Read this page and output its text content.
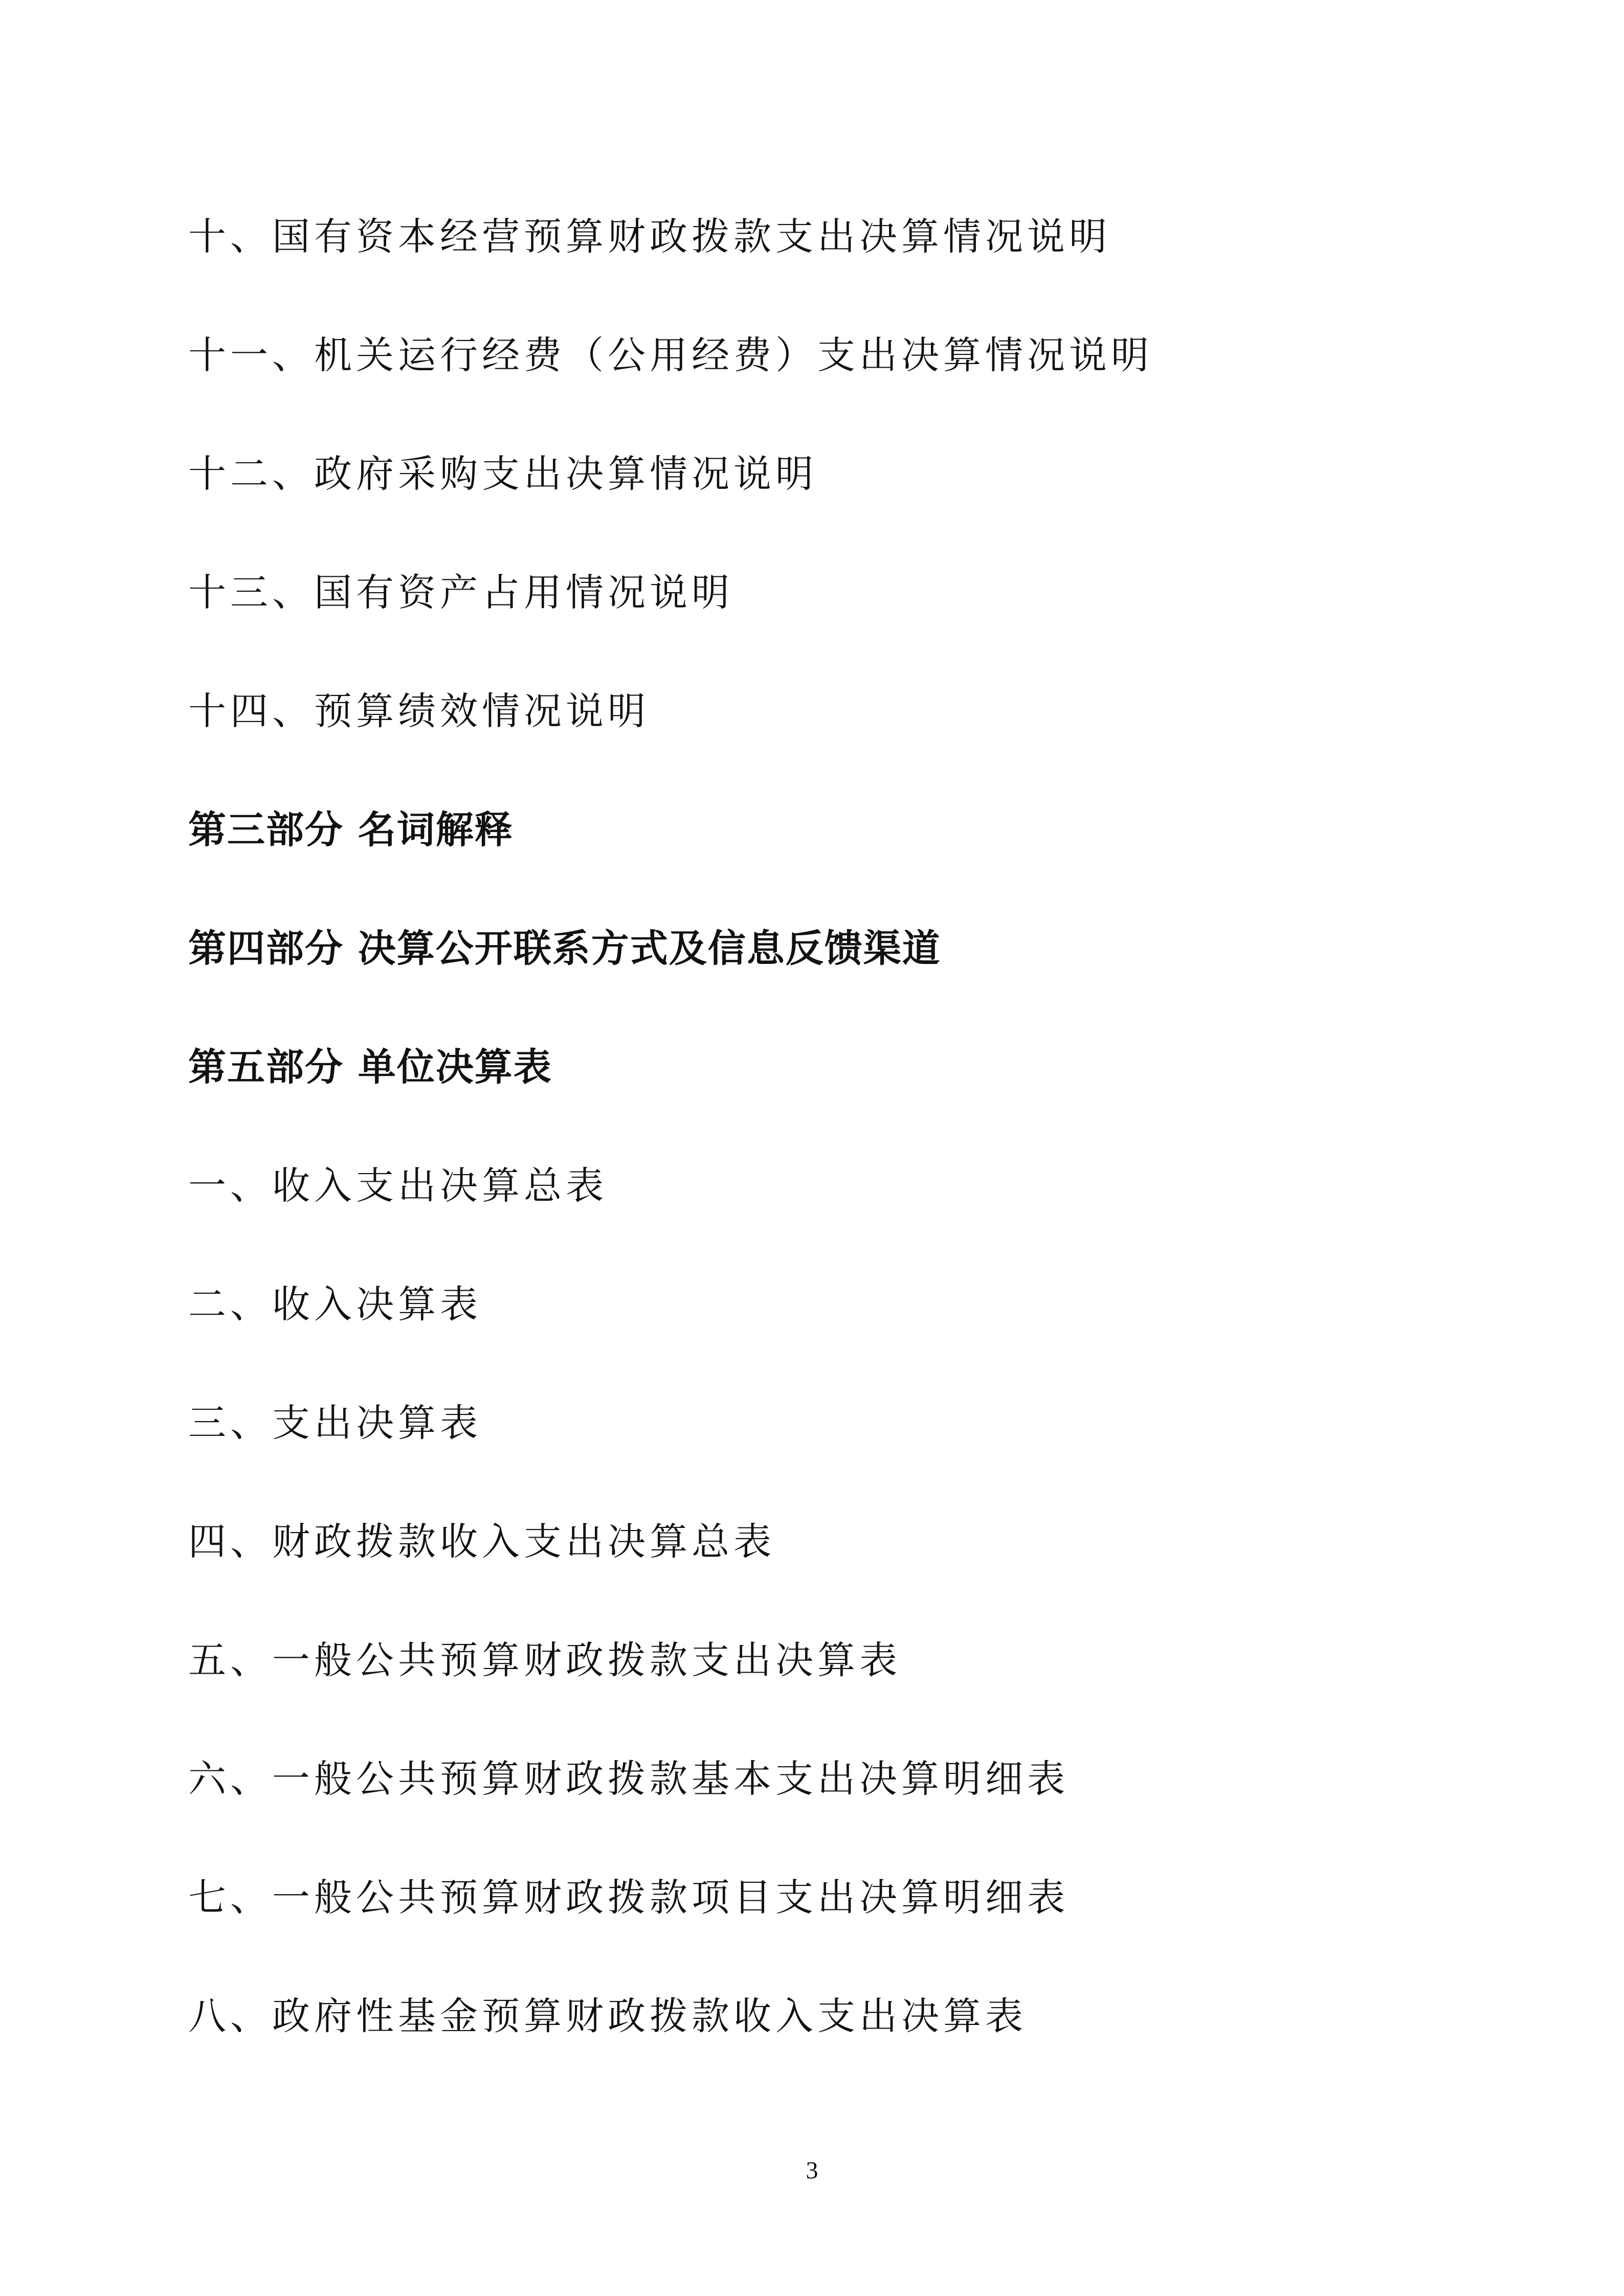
十、国有资本经营预算财政拨款支出决算情况说明
十一、机关运行经费（公用经费）支出决算情况说明
十二、政府采购支出决算情况说明
十三、国有资产占用情况说明
十四、预算绩效情况说明
第三部分 名词解释
第四部分 决算公开联系方式及信息反馈渠道
第五部分 单位决算表
一、收入支出决算总表
二、收入决算表
三、支出决算表
四、财政拨款收入支出决算总表
五、一般公共预算财政拨款支出决算表
六、一般公共预算财政拨款基本支出决算明细表
七、一般公共预算财政拨款项目支出决算明细表
八、政府性基金预算财政拨款收入支出决算表
3
